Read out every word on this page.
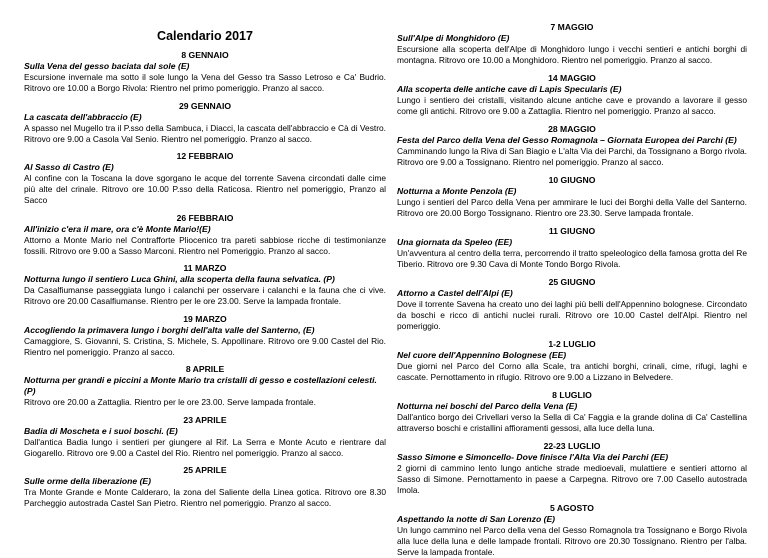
Calendario 2017
8 GENNAIO
Sulla Vena del gesso baciata dal sole (E)
Escursione invernale ma sotto il sole lungo la Vena del Gesso tra Sasso Letroso e Ca' Budrio. Ritrovo ore 10.00 a Borgo Rivola: Rientro nel primo pomeriggio. Pranzo al sacco.
29 GENNAIO
La cascata dell'abbraccio (E)
A spasso nel Mugello tra il P.sso della Sambuca, i Diacci, la cascata dell'abbraccio e Cà di Vestro. Ritrovo ore 9.00 a Casola Val Senio. Rientro nel pomeriggio. Pranzo al sacco.
12 FEBBRAIO
Al Sasso di Castro (E)
Al confine con la Toscana la dove sgorgano le acque del torrente Savena circondati dalle cime più alte del crinale. Ritrovo ore 10.00 P.sso della Raticosa. Rientro nel pomeriggio, Pranzo al Sacco
26 FEBBRAIO
All'inizio c'era il mare, ora c'è Monte Mario!(E)
Attorno a Monte Mario nel Contrafforte Pliocenico tra pareti sabbiose ricche di testimonianze fossili. Ritrovo ore 9.00 a Sasso Marconi. Rientro nel Pomeriggio. Pranzo al sacco.
11 MARZO
Notturna lungo il sentiero Luca Ghini, alla scoperta della fauna selvatica. (P)
Da Casalfiumanse passeggiata lungo i calanchi per osservare i calanchi e la fauna che ci vive. Ritrovo ore 20.00 Casalfiumanse. Rientro per le ore 23.00. Serve la lampada frontale.
19 MARZO
Accogliendo la primavera lungo i borghi dell'alta valle del Santerno, (E)
Camaggiore, S. Giovanni, S. Cristina, S. Michele, S. Appollinare. Ritrovo ore 9.00 Castel del Rio. Rientro nel pomeriggio. Pranzo al sacco.
8 APRILE
Notturna per grandi e piccini a Monte Mario tra cristalli di gesso e costellazioni celesti. (P)
Ritrovo ore 20.00 a Zattaglia. Rientro per le ore 23.00. Serve lampada frontale.
23 APRILE
Badia di Moscheta e i suoi boschi. (E)
Dall'antica Badia lungo i sentieri per giungere al Rif. La Serra e Monte Acuto e rientrare dal Giogarello. Ritrovo ore 9.00 a Castel del Rio. Rientro nel pomeriggio. Pranzo al sacco.
25 APRILE
Sulle orme della liberazione (E)
Tra Monte Grande e Monte Calderaro, la zona del Saliente della Linea gotica. Ritrovo ore 8.30 Parcheggio autostrada Castel San Pietro. Rientro nel pomeriggio. Pranzo al sacco.
7 MAGGIO
Sull'Alpe di Monghidoro (E)
Escursione alla scoperta dell'Alpe di Monghidoro lungo i vecchi sentieri e antichi borghi di montagna. Ritrovo ore 10.00 a Monghidoro. Rientro nel pomeriggio. Pranzo al sacco.
14 MAGGIO
Alla scoperta delle antiche cave di Lapis Specularis (E)
Lungo i sentiero dei cristalli, visitando alcune antiche cave e provando a lavorare il gesso come gli antichi. Ritrovo ore 9.00 a Zattaglia. Rientro nel pomeriggio. Pranzo al sacco.
28 MAGGIO
Festa del Parco della Vena del Gesso Romagnola – Giornata Europea dei Parchi (E)
Camminando lungo la Riva di San Biagio e L'alta Via dei Parchi, da Tossignano a Borgo rivola. Ritrovo ore 9.00 a Tossignano. Rientro nel pomeriggio. Pranzo al sacco.
10 GIUGNO
Notturna a Monte Penzola (E)
Lungo i sentieri del Parco della Vena per ammirare le luci dei Borghi della Valle del Santerno. Ritrovo ore 20.00 Borgo Tossignano. Rientro ore 23.30. Serve lampada frontale.
11 GIUGNO
Una giornata da Speleo (EE)
Un'avventura al centro della terra, percorrendo il tratto speleologico della famosa grotta del Re Tiberio. Ritrovo ore 9.30 Cava di Monte Tondo Borgo Rivola.
25 GIUGNO
Attorno a Castel dell'Alpi (E)
Dove il torrente Savena ha creato uno dei laghi più belli dell'Appennino bolognese. Circondato da boschi e ricco di antichi nuclei rurali. Ritrovo ore 10.00 Castel dell'Alpi. Rientro nel pomeriggio.
1-2 LUGLIO
Nel cuore dell'Appennino Bolognese (EE)
Due giorni nel Parco del Corno alla Scale, tra antichi borghi, crinali, cime, rifugi, laghi e cascate. Pernottamento in rifugio. Ritrovo ore 9.00 a Lizzano in Belvedere.
8 LUGLIO
Notturna nei boschi del Parco della Vena (E)
Dall'antico borgo dei Crivellari verso la Sella di Ca' Faggia e la grande dolina di Ca' Castellina attraverso boschi e cristallini affioramenti gessosi, alla luce della luna.
22-23 LUGLIO
Sasso Simone e Simoncello- Dove finisce l'Alta Via dei Parchi (EE)
2 giorni di cammino lento lungo antiche strade medioevali, mulattiere e sentieri attorno al Sasso di Simone. Pernottamento in paese a Carpegna. Ritrovo ore 7.00 Casello autostrada Imola.
5 AGOSTO
Aspettando la notte di San Lorenzo (E)
Un lungo cammino nel Parco della vena del Gesso Romagnola tra Tossignano e Borgo Rivola alla luce della luna e delle lampade frontali. Ritrovo ore 20.30 Tossignano. Rientro per l'alba. Serve la lampada frontale.
